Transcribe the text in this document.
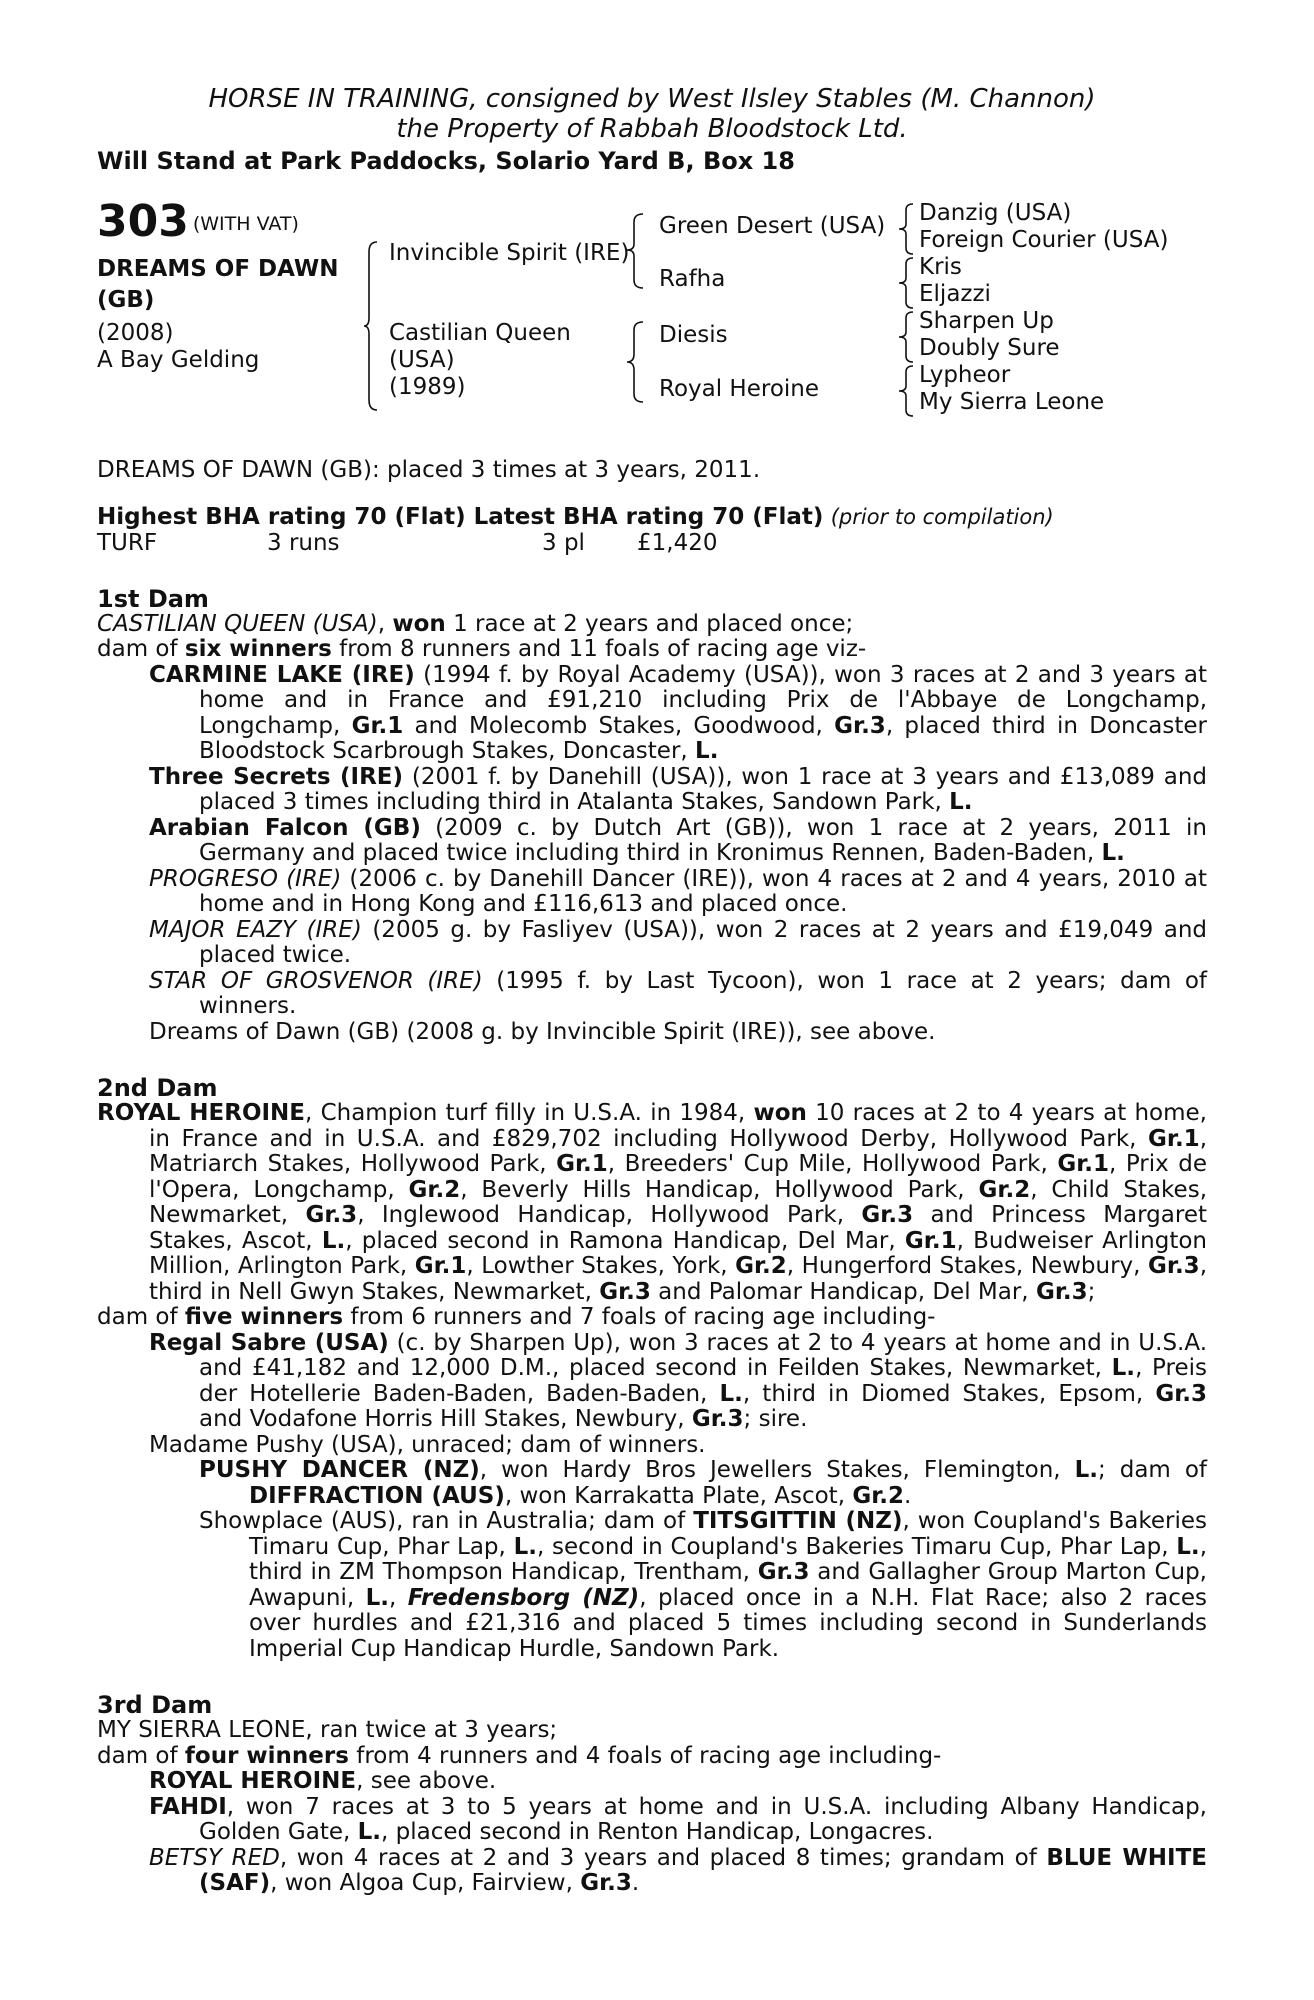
HORSE IN TRAINING, consigned by West Ilsley Stables (M. Channon)
the Property of Rabbah Bloodstock Ltd.
Will Stand at Park Paddocks, Solario Yard B, Box 18
303 $^{(WITH VAT)}$
DREAMS OF DAWN
(GB)
(2008)
A Bay Gelding
Invincible Spirit (IRE)
Castilian Queen
(USA)
(1989)
Green Desert (USA)
Rafha
Diesis
Royal Heroine
Danzig (USA)
Foreign Courier (USA)
Kris
Eljazzi
Sharpen Up
Doubly Sure
Lypheor
My Sierra Leone
DREAMS OF DAWN (GB): placed 3 times at 3 years, 2011.
Highest BHA rating 70 (Flat) Latest BHA rating 70 (Flat) (prior to compilation)
TURF	3 runs	3 pl £1,420
1st Dam
CASTILIAN QUEEN (USA), won 1 race at 2 years and placed once;
dam of six winners from 8 runners and 11 foals of racing age viz-
CARMINE LAKE (IRE) (1994 f. by Royal Academy (USA)), won 3 races at 2 and 3 years at home and in France and £91,210 including Prix de l'Abbaye de Longchamp, Longchamp, Gr.1 and Molecomb Stakes, Goodwood, Gr.3, placed third in Doncaster Bloodstock Scarbrough Stakes, Doncaster, L.
Three Secrets (IRE) (2001 f. by Danehill (USA)), won 1 race at 3 years and £13,089 and placed 3 times including third in Atalanta Stakes, Sandown Park, L.
Arabian Falcon (GB) (2009 c. by Dutch Art (GB)), won 1 race at 2 years, 2011 in Germany and placed twice including third in Kronimus Rennen, Baden-Baden, L.
PROGRESO (IRE) (2006 c. by Danehill Dancer (IRE)), won 4 races at 2 and 4 years, 2010 at home and in Hong Kong and £116,613 and placed once.
MAJOR EAZY (IRE) (2005 g. by Fasliyev (USA)), won 2 races at 2 years and £19,049 and placed twice.
STAR OF GROSVENOR (IRE) (1995 f. by Last Tycoon), won 1 race at 2 years; dam of winners.
Dreams of Dawn (GB) (2008 g. by Invincible Spirit (IRE)), see above.
2nd Dam
ROYAL HEROINE, Champion turf filly in U.S.A. in 1984, won 10 races at 2 to 4 years at home, in France and in U.S.A. and £829,702 including Hollywood Derby, Hollywood Park, Gr.1, Matriarch Stakes, Hollywood Park, Gr.1, Breeders' Cup Mile, Hollywood Park, Gr.1, Prix de l'Opera, Longchamp, Gr.2, Beverly Hills Handicap, Hollywood Park, Gr.2, Child Stakes, Newmarket, Gr.3, Inglewood Handicap, Hollywood Park, Gr.3 and Princess Margaret Stakes, Ascot, L., placed second in Ramona Handicap, Del Mar, Gr.1, Budweiser Arlington Million, Arlington Park, Gr.1, Lowther Stakes, York, Gr.2, Hungerford Stakes, Newbury, Gr.3, third in Nell Gwyn Stakes, Newmarket, Gr.3 and Palomar Handicap, Del Mar, Gr.3;
dam of five winners from 6 runners and 7 foals of racing age including-
Regal Sabre (USA) (c. by Sharpen Up), won 3 races at 2 to 4 years at home and in U.S.A. and £41,182 and 12,000 D.M., placed second in Feilden Stakes, Newmarket, L., Preis der Hotellerie Baden-Baden, Baden-Baden, L., third in Diomed Stakes, Epsom, Gr.3 and Vodafone Horris Hill Stakes, Newbury, Gr.3; sire.
Madame Pushy (USA), unraced; dam of winners.
PUSHY DANCER (NZ), won Hardy Bros Jewellers Stakes, Flemington, L.; dam of DIFFRACTION (AUS), won Karrakatta Plate, Ascot, Gr.2.
Showplace (AUS), ran in Australia; dam of TITSGITTIN (NZ), won Coupland's Bakeries Timaru Cup, Phar Lap, L., second in Coupland's Bakeries Timaru Cup, Phar Lap, L., third in ZM Thompson Handicap, Trentham, Gr.3 and Gallagher Group Marton Cup, Awapuni, L., Fredensborg (NZ), placed once in a N.H. Flat Race; also 2 races over hurdles and £21,316 and placed 5 times including second in Sunderlands Imperial Cup Handicap Hurdle, Sandown Park.
3rd Dam
MY SIERRA LEONE, ran twice at 3 years;
dam of four winners from 4 runners and 4 foals of racing age including-
ROYAL HEROINE, see above.
FAHDI, won 7 races at 3 to 5 years at home and in U.S.A. including Albany Handicap, Golden Gate, L., placed second in Renton Handicap, Longacres.
BETSY RED, won 4 races at 2 and 3 years and placed 8 times; grandam of BLUE WHITE (SAF), won Algoa Cup, Fairview, Gr.3.
